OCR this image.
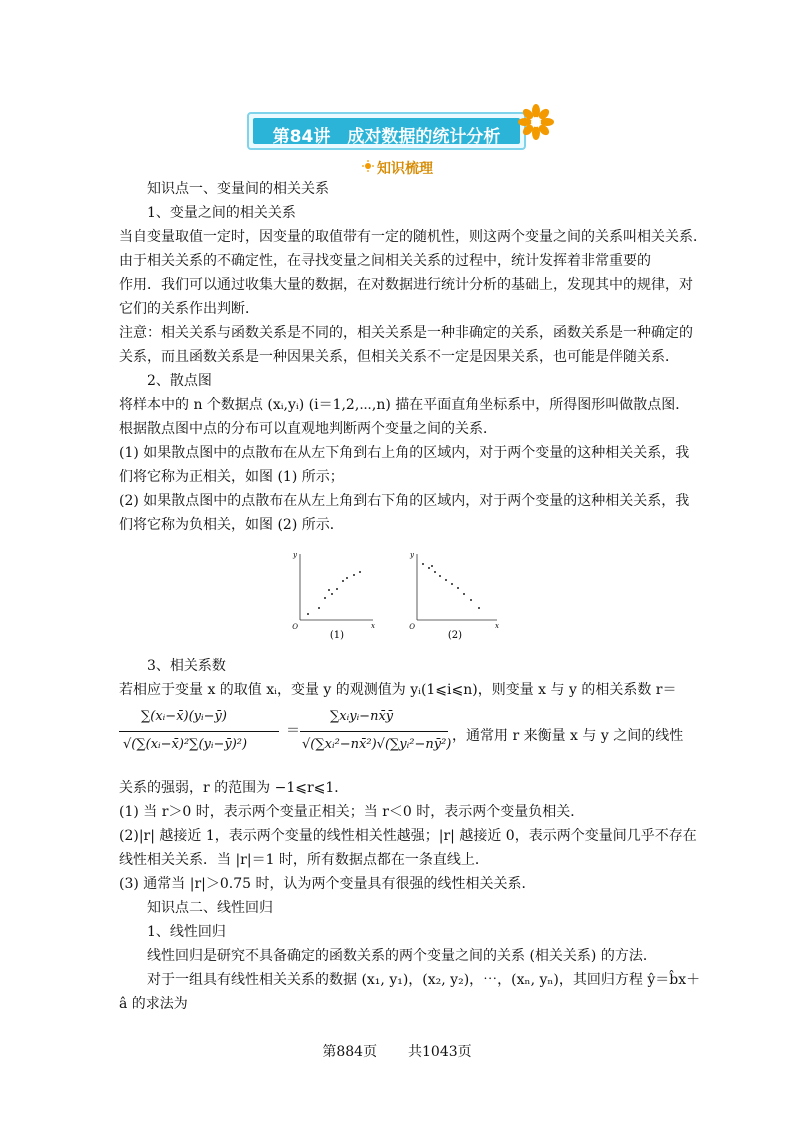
第84讲　成对数据的统计分析
知识梳理
知识点一、变量间的相关关系
1、变量之间的相关关系
当自变量取值一定时，因变量的取值带有一定的随机性，则这两个变量之间的关系叫相关关系．
由于相关关系的不确定性，在寻找变量之间相关关系的过程中，统计发挥着非常重要的
作用．我们可以通过收集大量的数据，在对数据进行统计分析的基础上，发现其中的规律，对
它们的关系作出判断．
注意：相关关系与函数关系是不同的，相关关系是一种非确定的关系，函数关系是一种确定的
关系，而且函数关系是一种因果关系，但相关关系不一定是因果关系，也可能是伴随关系．
2、散点图
将样本中的 n 个数据点 (xᵢ,yᵢ) (i＝1,2,⋯,n) 描在平面直角坐标系中，所得图形叫做散点图．
根据散点图中点的分布可以直观地判断两个变量之间的关系．
(1) 如果散点图中的点散布在从左下角到右上角的区域内，对于两个变量的这种相关关系，我
们将它称为正相关，如图 (1) 所示；
(2) 如果散点图中的点散布在从左上角到右下角的区域内，对于两个变量的这种相关关系，我
们将它称为负相关，如图 (2) 所示．
y
x
O
(1)
y
x
O
(2)
3、相关系数
若相应于变量 x 的取值 xᵢ，变量 y 的观测值为 yᵢ(1⩽i⩽n)，则变量 x 与 y 的相关系数 r＝
∑(xᵢ−x̄)(yᵢ−ȳ)
√(∑(xᵢ−x̄)²∑(yᵢ−ȳ)²)
＝
∑xᵢyᵢ−nx̄ȳ
√(∑xᵢ²−nx̄²)√(∑yᵢ²−nȳ²)
，通常用 r 来衡量 x 与 y 之间的线性
关系的强弱，r 的范围为 −1⩽r⩽1．
(1) 当 r＞0 时，表示两个变量正相关；当 r＜0 时，表示两个变量负相关．
(2)|r| 越接近 1，表示两个变量的线性相关性越强；|r| 越接近 0，表示两个变量间几乎不存在
线性相关关系．当 |r|＝1 时，所有数据点都在一条直线上．
(3) 通常当 |r|＞0.75 时，认为两个变量具有很强的线性相关关系．
知识点二、线性回归
1、线性回归
线性回归是研究不具备确定的函数关系的两个变量之间的关系 (相关关系) 的方法．
对于一组具有线性相关关系的数据 (x₁, y₁)，(x₂, y₂)，⋯，(xₙ, yₙ)，其回归方程 ŷ＝b̂x＋
â 的求法为
第884页 共1043页
